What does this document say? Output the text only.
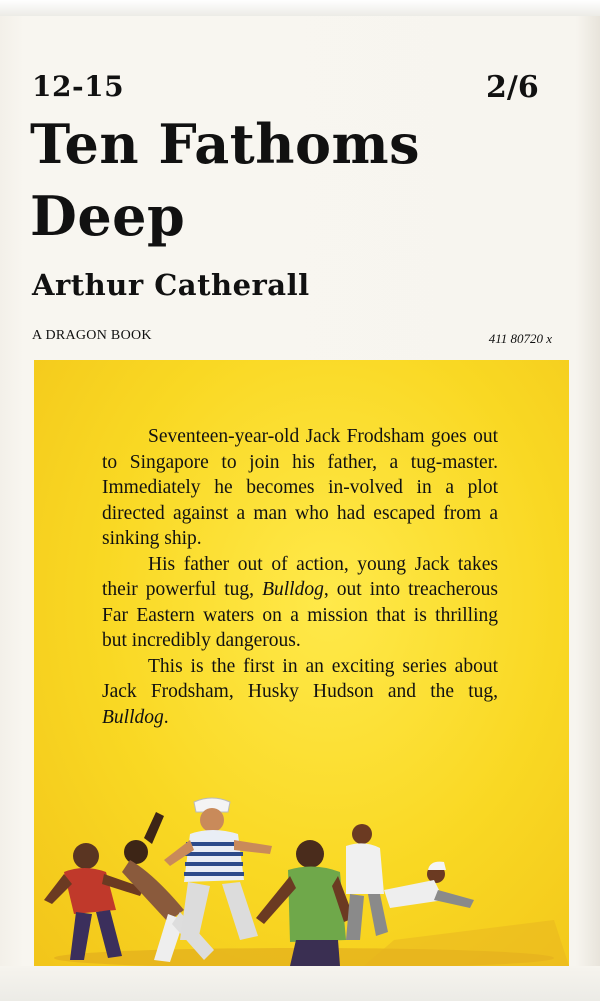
12-15	2/6
Ten Fathoms Deep
Arthur Catherall
A DRAGON BOOK	411 80720 x

Seventeen-year-old Jack Frodsham goes out to Singapore to join his father, a tug-master. Immediately he becomes in-volved in a plot directed against a man who had escaped from a sinking ship.

His father out of action, young Jack takes their powerful tug, Bulldog, out into treacherous Far Eastern waters on a mission that is thrilling but incredibly dangerous.

This is the first in an exciting series about Jack Frodsham, Husky Hudson and the tug, Bulldog.
